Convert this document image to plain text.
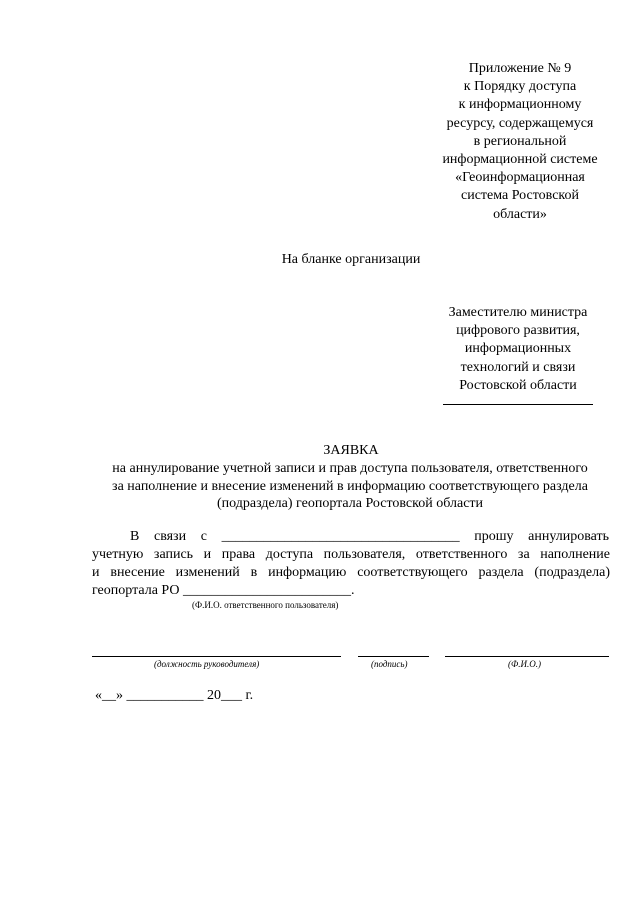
Приложение № 9
к Порядку доступа
к информационному
ресурсу, содержащемуся
в региональной
информационной системе
«Геоинформационная
система Ростовской
области»
На бланке организации
Заместителю министра
цифрового развития,
информационных
технологий и связи
Ростовской области
ЗАЯВКА
на аннулирование учетной записи и прав доступа пользователя, ответственного
за наполнение и внесение изменений в информацию соответствующего раздела
(подраздела) геопортала Ростовской области
В связи с __________________________________ прошу аннулировать
учетную запись и права доступа пользователя, ответственного за наполнение
и внесение изменений в информацию соответствующего раздела (подраздела)
геопортала РО ________________________.
(Ф.И.О. ответственного пользователя)
(должность руководителя)	(подпись)	(Ф.И.О.)
«__» ___________ 20___ г.
